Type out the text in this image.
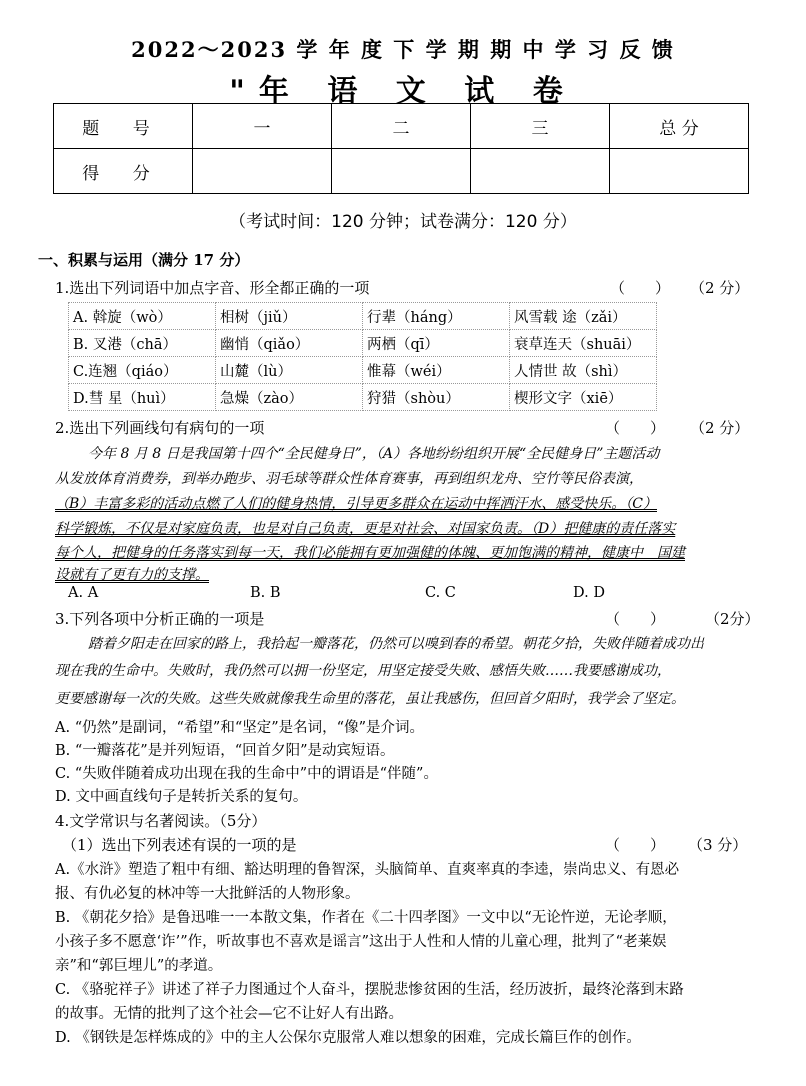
2022～2023 学 年 度 下 学 期 期 中 学 习 反 馈
"年 语 文 试 卷
题 号	一	二	三	总 分
得 分				
（考试时间：120 分钟；试卷满分：120 分）
一、积累与运用（满分 17 分）
1.选出下列词语中加点字音、形全都正确的一项	（　　） （2 分）
A. 斡旋（wò）	相树（jiǔ）	行辈（háng）	风雪载 途（zǎi）
B. 叉港（chā）	幽悄（qiǎo）	两栖（qī）	衰草连天（shuāi）
C.连翘（qiáo）	山麓（lù）	惟幕（wéi）	人情世 故（shì）
D.彗 星（huì）	急燥（zào）	狩猎（shòu）	楔形文字（xiē）
2.选出下列画线句有病句的一项	（　　） （2 分）
今年 8 月 8 日是我国第十四个“全民健身日”，（A）各地纷纷组织开展“全民健身日”主题活动
从发放体育消费券，到举办跑步、羽毛球等群众性体育赛事，再到组织龙舟、空竹等民俗表演，
（B）丰富多彩的活动点燃了人们的健身热情，引导更多群众在运动中挥洒汗水、感受快乐。（C）
科学锻炼，不仅是对家庭负责，也是对自己负责，更是对社会、对国家负责。（D）把健康的责任落实
每个人，把健身的任务落实到每一天，我们必能拥有更加强健的体魄、更加饱满的精神，健康中　国建
设就有了更有力的支撑。
A. A	B. B	C. C	D. D
3.下列各项中分析正确的一项是	（　　）	（2分）
踏着夕阳走在回家的路上，我拾起一瓣落花，仍然可以嗅到春的希望。朝花夕拾，失败伴随着成功出
现在我的生命中。失败时，我仍然可以拥一份坚定，用坚定接受失败、感悟失败……我要感谢成功，
更要感谢每一次的失败。这些失败就像我生命里的落花，虽让我感伤，但回首夕阳时，我学会了坚定。
A. “仍然”是副词，“希望”和“坚定”是名词，“像”是介词。
B. “一瓣落花”是并列短语，“回首夕阳”是动宾短语。
C. “失败伴随着成功出现在我的生命中”中的谓语是“伴随”。
D. 文中画直线句子是转折关系的复句。
4.文学常识与名著阅读。（5分）
（1）选出下列表述有误的一项的是	（　　） （3 分）
A.《水浒》塑造了粗中有细、豁达明理的鲁智深，头脑简单、直爽率真的李逵，崇尚忠义、有恩必
报、有仇必复的林冲等一大批鲜活的人物形象。
B. 《朝花夕拾》是鲁迅唯一一本散文集，作者在《二十四孝图》一文中以“无论忤逆，无论孝顺，
小孩子多不愿意‘诈’”作，听故事也不喜欢是谣言”这出于人性和人情的儿童心理，批判了“老莱娱
亲”和“郭巨埋儿”的孝道。
C. 《骆驼祥子》讲述了祥子力图通过个人奋斗，摆脱悲惨贫困的生活，经历波折，最终沦落到末路
的故事。无情的批判了这个社会—它不让好人有出路。
D. 《钢铁是怎样炼成的》中的主人公保尔克服常人难以想象的困难，完成长篇巨作的创作。
